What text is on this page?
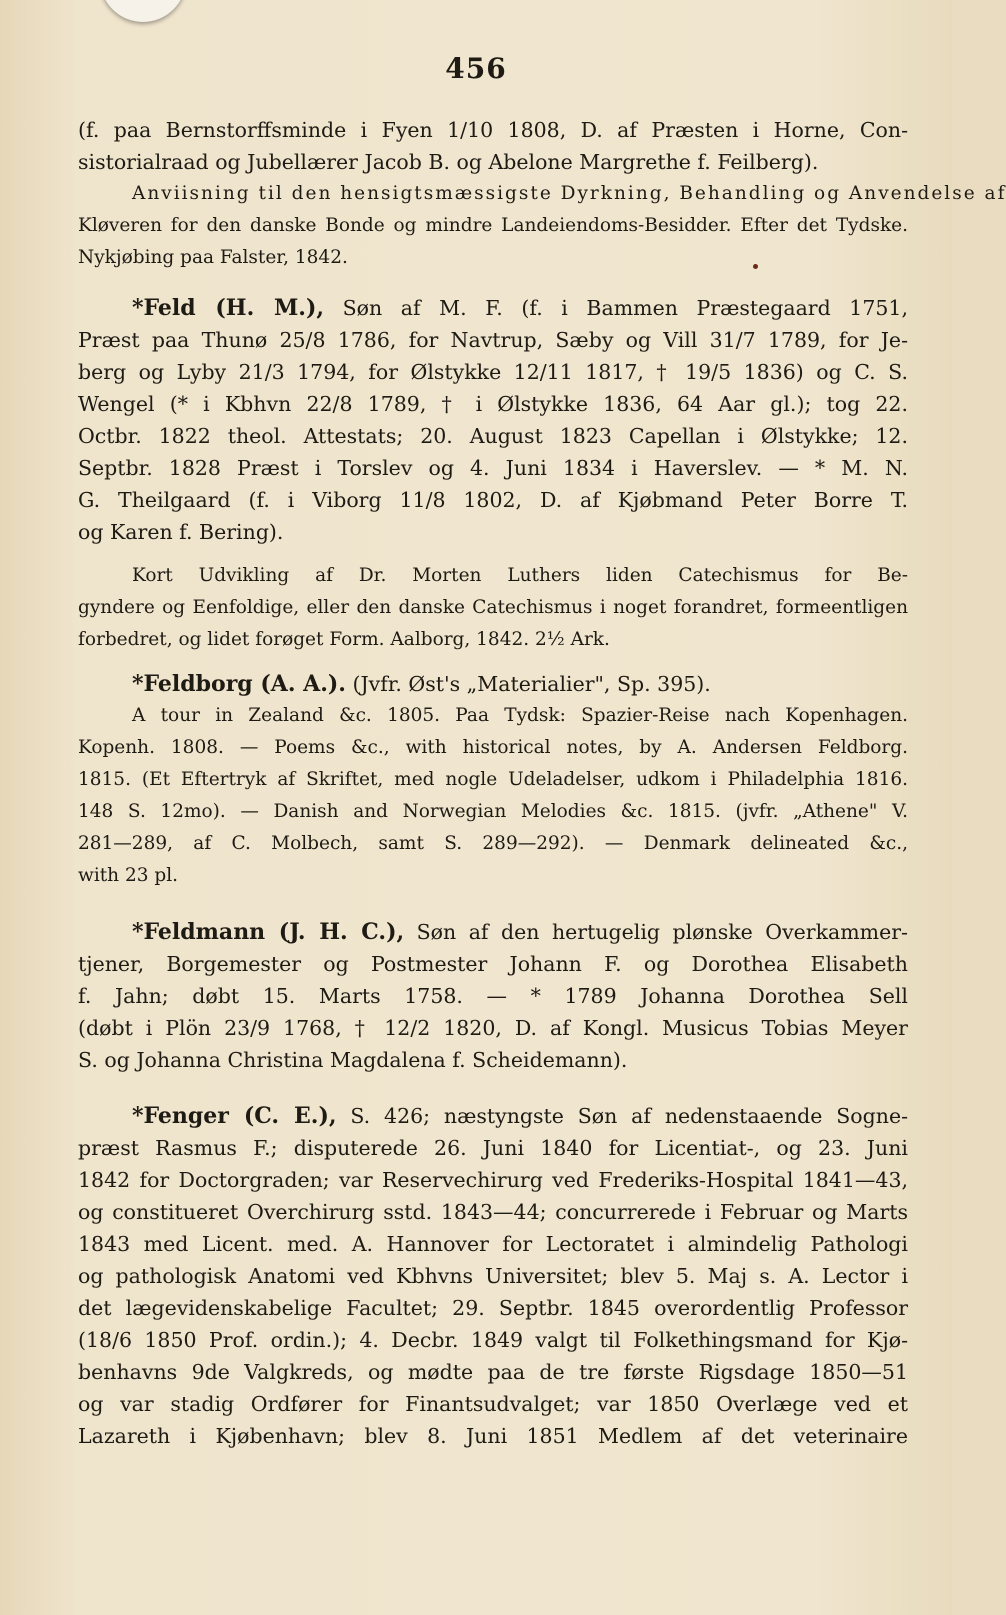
456
(f. paa Bernstorffsminde i Fyen 1/10 1808, D. af Præsten i Horne, Con-
sistorialraad og Jubellærer Jacob B. og Abelone Margrethe f. Feilberg).
Anviisning til den hensigtsmæssigste Dyrkning, Behandling og Anvendelse af
Kløveren for den danske Bonde og mindre Landeiendoms-Besidder. Efter det Tydske.
Nykjøbing paa Falster, 1842.
*Feld (H. M.), Søn af M. F. (f. i Bammen Præstegaard 1751,
Præst paa Thunø 25/8 1786, for Navtrup, Sæby og Vill 31/7 1789, for Je-
berg og Lyby 21/3 1794, for Ølstykke 12/11 1817, † 19/5 1836) og C. S.
Wengel (* i Kbhvn 22/8 1789, † i Ølstykke 1836, 64 Aar gl.); tog 22.
Octbr. 1822 theol. Attestats; 20. August 1823 Capellan i Ølstykke; 12.
Septbr. 1828 Præst i Torslev og 4. Juni 1834 i Haverslev. — * M. N.
G. Theilgaard (f. i Viborg 11/8 1802, D. af Kjøbmand Peter Borre T.
og Karen f. Bering).
Kort Udvikling af Dr. Morten Luthers liden Catechismus for Be-
gyndere og Eenfoldige, eller den danske Catechismus i noget forandret, formeentligen
forbedret, og lidet forøget Form. Aalborg, 1842. 2½ Ark.
*Feldborg (A. A.). (Jvfr. Øst's „Materialier", Sp. 395).
A tour in Zealand &c. 1805. Paa Tydsk: Spazier-Reise nach Kopenhagen.
Kopenh. 1808. — Poems &c., with historical notes, by A. Andersen Feldborg.
1815. (Et Eftertryk af Skriftet, med nogle Udeladelser, udkom i Philadelphia 1816.
148 S. 12mo). — Danish and Norwegian Melodies &c. 1815. (jvfr. „Athene" V.
281—289, af C. Molbech, samt S. 289—292). — Denmark delineated &c.,
with 23 pl.
*Feldmann (J. H. C.), Søn af den hertugelig plønske Overkammer-
tjener, Borgemester og Postmester Johann F. og Dorothea Elisabeth
f. Jahn; døbt 15. Marts 1758. — * 1789 Johanna Dorothea Sell
(døbt i Plön 23/9 1768, † 12/2 1820, D. af Kongl. Musicus Tobias Meyer
S. og Johanna Christina Magdalena f. Scheidemann).
*Fenger (C. E.), S. 426; næstyngste Søn af nedenstaaende Sogne-
præst Rasmus F.; disputerede 26. Juni 1840 for Licentiat-, og 23. Juni
1842 for Doctorgraden; var Reservechirurg ved Frederiks-Hospital 1841—43,
og constitueret Overchirurg sstd. 1843—44; concurrerede i Februar og Marts
1843 med Licent. med. A. Hannover for Lectoratet i almindelig Pathologi
og pathologisk Anatomi ved Kbhvns Universitet; blev 5. Maj s. A. Lector i
det lægevidenskabelige Facultet; 29. Septbr. 1845 overordentlig Professor
(18/6 1850 Prof. ordin.); 4. Decbr. 1849 valgt til Folkethingsmand for Kjø-
benhavns 9de Valgkreds, og mødte paa de tre første Rigsdage 1850—51
og var stadig Ordfører for Finantsudvalget; var 1850 Overlæge ved et
Lazareth i Kjøbenhavn; blev 8. Juni 1851 Medlem af det veterinaire
